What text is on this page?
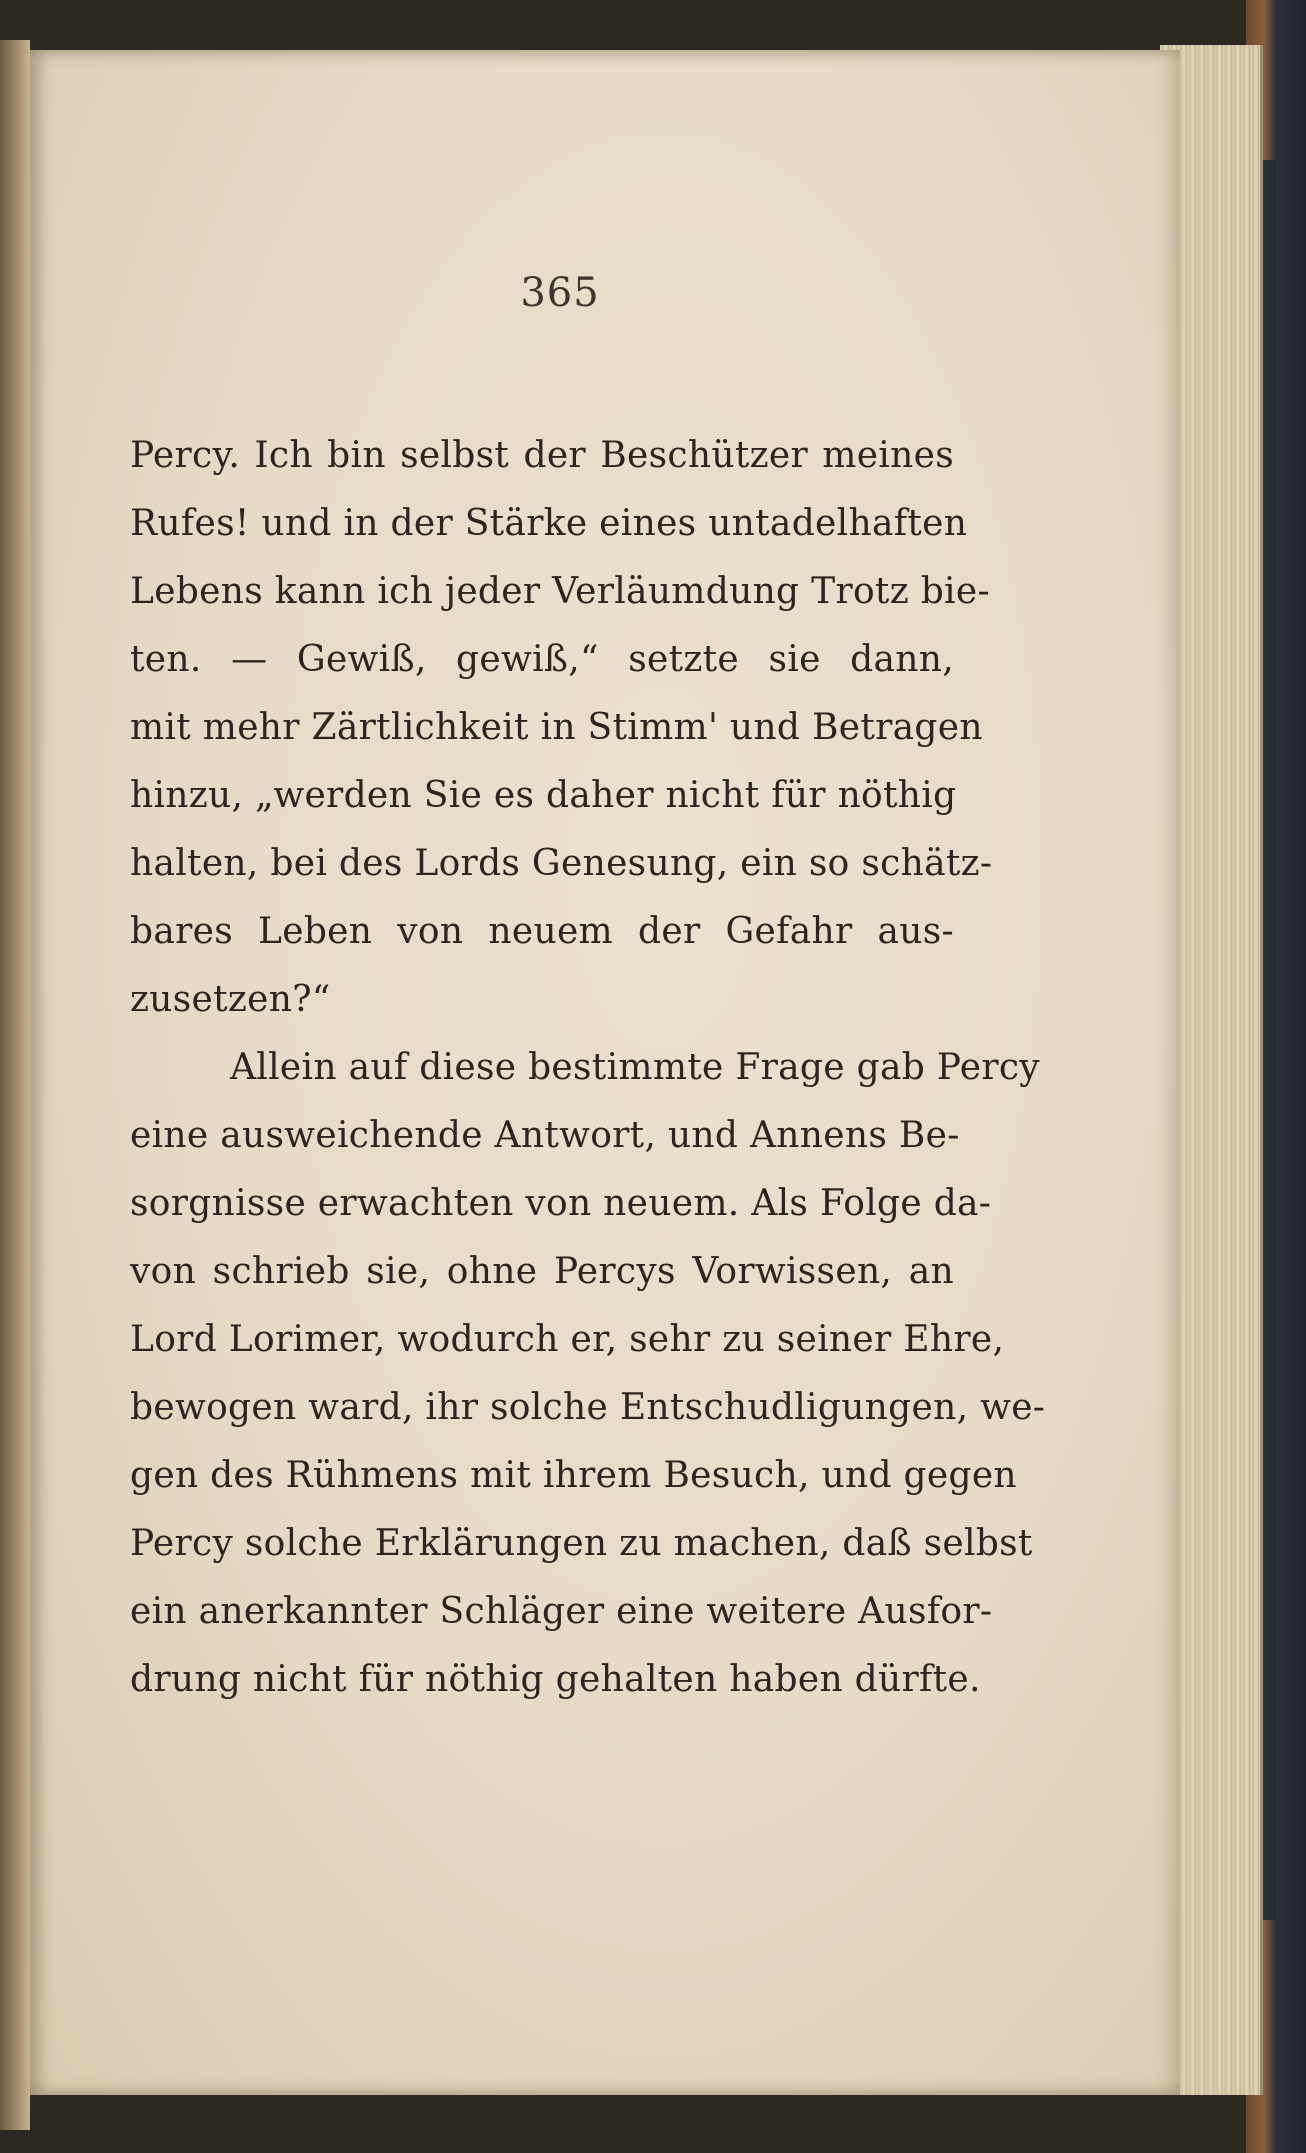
365
Percy. Ich bin selbst der Beschützer meines
Rufes! und in der Stärke eines untadelhaften
Lebens kann ich jeder Verläumdung Trotz bie-
ten. — Gewiß, gewiß,“ setzte sie dann,
mit mehr Zärtlichkeit in Stimm' und Betragen
hinzu, „werden Sie es daher nicht für nöthig
halten, bei des Lords Genesung, ein so schätz-
bares Leben von neuem der Gefahr aus-
zusetzen?“
Allein auf diese bestimmte Frage gab Percy
eine ausweichende Antwort, und Annens Be-
sorgnisse erwachten von neuem. Als Folge da-
von schrieb sie, ohne Percys Vorwissen, an
Lord Lorimer, wodurch er, sehr zu seiner Ehre,
bewogen ward, ihr solche Entschudligungen, we-
gen des Rühmens mit ihrem Besuch, und gegen
Percy solche Erklärungen zu machen, daß selbst
ein anerkannter Schläger eine weitere Ausfor-
drung nicht für nöthig gehalten haben dürfte.
